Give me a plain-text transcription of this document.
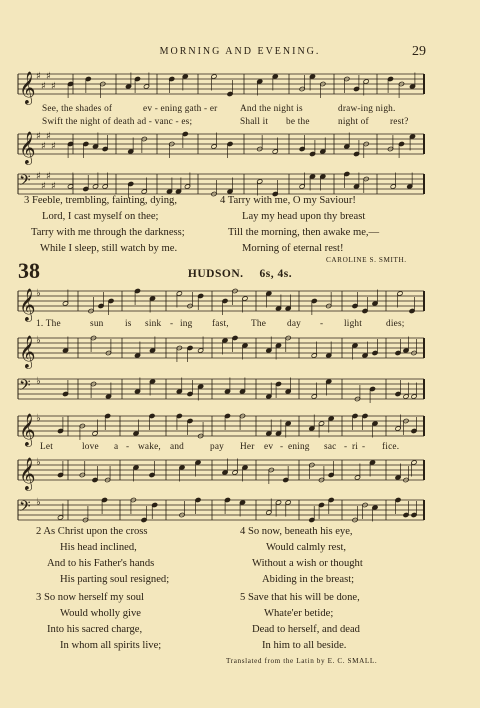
MORNING AND EVENING.	29
𝄞 ♯
♯
♯
♯
𝄞 ♯
♯
♯
♯
𝄢 ♯
♯
♯
♯
See, the shades of	ev - ening gath - er And the night is	draw-ing nigh.
Swift the night of death ad - vanc - es;	Shall it be the	night of rest?
3 Feeble, trembling, fainting, dying,
Lord, I cast myself on thee;
Tarry with me through the darkness;
While I sleep, still watch by me.
4 Tarry with me, O my Saviour!
Lay my head upon thy breast
Till the morning, then awake me,—
Morning of eternal rest!
CAROLINE S. SMITH.
38	HUDSON. 6s, 4s.
𝄞 ♭
𝄞 ♭
𝄢 ♭
𝄞 ♭
𝄞 ♭
𝄢 ♭
1. The	sun is sink - ing fast, The day - light	dies;
Let	love a - wake, and	pay Her ev - ening sac - ri - fice.
2 As Christ upon the cross
His head inclined,
And to his Father's hands
His parting soul resigned;
3 So now herself my soul
Would wholly give
Into his sacred charge,
In whom all spirits live;
4 So now, beneath his eye,
Would calmly rest,
Without a wish or thought
Abiding in the breast;
5 Save that his will be done,
Whate'er betide;
Dead to herself, and dead
In him to all beside.
Translated from the Latin by E. C. SMALL.
